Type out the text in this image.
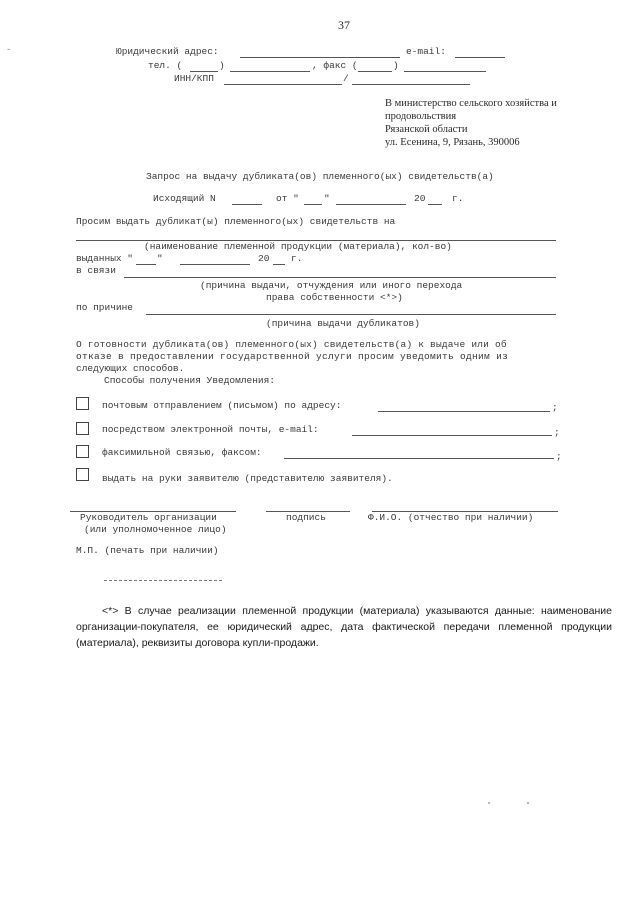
37
-	Юридический адрес:	e-mail:
тел. (	)	, факс (	)
ИНН/КПП	/
В министерство сельского хозяйства и
продовольствия
Рязанской области
ул. Есенина, 9, Рязань, 390006
Запрос на выдачу дубликата(ов) племенного(ых) свидетельств(а)
Исходящий N	от "	"	20	г.
Просим выдать дубликат(ы) племенного(ых) свидетельств на
(наименование племенной продукции (материала), кол-во)
выданных "	"	20 г.
в связи
(причина выдачи, отчуждения или иного перехода
права собственности <*>)
по причине
(причина выдачи дубликатов)
О готовности дубликата(ов) племенного(ых) свидетельств(а) к выдаче или об
отказе в предоставлении государственной услуги просим уведомить одним из
следующих способов.
Способы получения Уведомления:
почтовым отправлением (письмом) по адресу:	;
посредством электронной почты, e-mail:	;
факсимильной связью, факсом:	;
выдать на руки заявителю (представителю заявителя).
Руководитель организации
(или уполномоченное лицо)
подпись	Ф.И.О. (отчество при наличии)
М.П. (печать при наличии)
<*> В случае реализации племенной продукции (материала) указываются данные: наименование организации-покупателя, ее юридический адрес, дата фактической передачи племенной продукции (материала), реквизиты договора купли-продажи.
